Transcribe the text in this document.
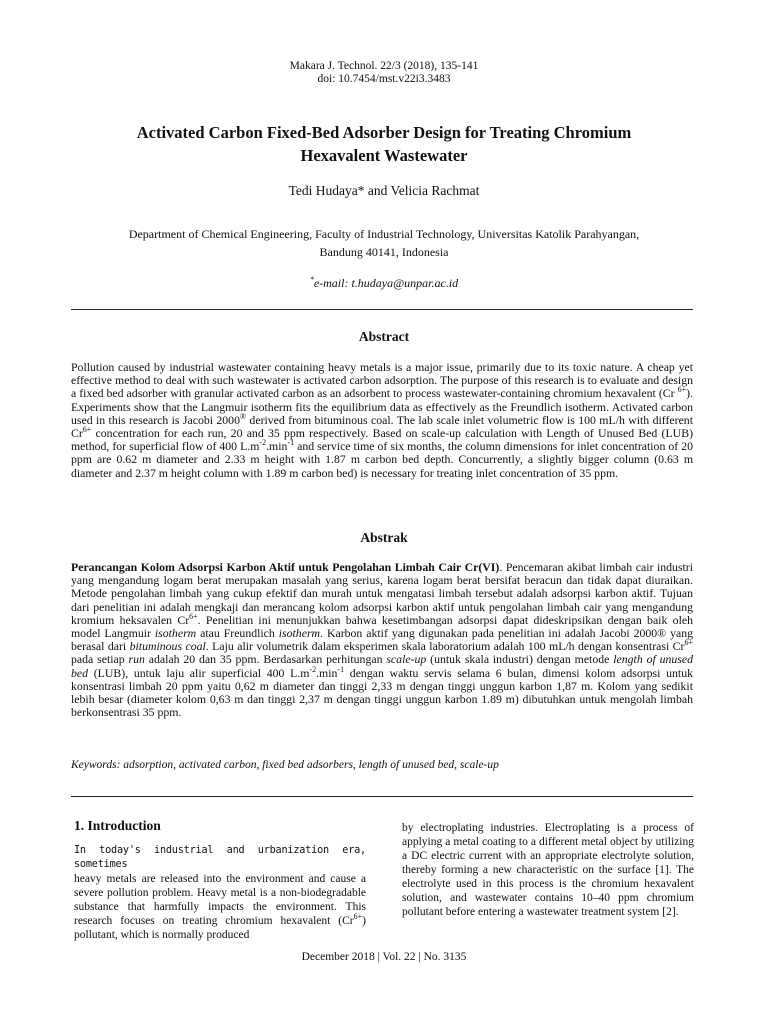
Makara J. Technol. 22/3 (2018), 135-141
doi: 10.7454/mst.v22i3.3483
Activated Carbon Fixed-Bed Adsorber Design for Treating Chromium
Hexavalent Wastewater
Tedi Hudaya* and Velicia Rachmat
Department of Chemical Engineering, Faculty of Industrial Technology, Universitas Katolik Parahyangan,
Bandung 40141, Indonesia
*e-mail: t.hudaya@unpar.ac.id
Abstract
Pollution caused by industrial wastewater containing heavy metals is a major issue, primarily due to its toxic nature. A cheap yet effective method to deal with such wastewater is activated carbon adsorption. The purpose of this research is to evaluate and design a fixed bed adsorber with granular activated carbon as an adsorbent to process wastewater-containing chromium hexavalent (Cr $^{6+}$). Experiments show that the Langmuir isotherm fits the equilibrium data as effectively as the Freundlich isotherm. Activated carbon used in this research is Jacobi 2000® derived from bituminous coal. The lab scale inlet volumetric flow is 100 mL/h with different $Cr^{6+}$ concentration for each run, 20 and 35 ppm respectively. Based on scale-up calculation with Length of Unused Bed (LUB) method, for superficial flow of 400 $L.m^{-2}.\min^{-1}$ and service time of six months, the column dimensions for inlet concentration of 20 ppm are 0.62 m diameter and 2.33 m height with 1.87 m carbon bed depth. Concurrently, a slightly bigger column (0.63 m diameter and 2.37 m height column with 1.89 m carbon bed) is necessary for treating inlet concentration of 35 ppm.
Abstrak
Perancangan Kolom Adsorpsi Karbon Aktif untuk Pengolahan Limbah Cair Cr(VI). Pencemaran akibat limbah cair industri yang mengandung logam berat merupakan masalah yang serius, karena logam berat bersifat beracun dan tidak dapat diuraikan. Metode pengolahan limbah yang cukup efektif dan murah untuk mengatasi limbah tersebut adalah adsorpsi karbon aktif. Tujuan dari penelitian ini adalah mengkaji dan merancang kolom adsorpsi karbon aktif untuk pengolahan limbah cair yang mengandung kromium heksavalen $Cr^{6+}$. Penelitian ini menunjukkan bahwa kesetimbangan adsorpsi dapat dideskripsikan dengan baik oleh model Langmuir isotherm atau Freundlich isotherm. Karbon aktif yang digunakan pada penelitian ini adalah Jacobi 2000® yang berasal dari bituminous coal. Laju alir volumetrik dalam eksperimen skala laboratorium adalah 100 mL/h dengan konsentrasi $Cr^{6+}$ pada setiap run adalah 20 dan 35 ppm. Berdasarkan perhitungan scale-up (untuk skala industri) dengan metode length of unused bed (LUB), untuk laju alir superficial 400 $L.m^{-2}.\min^{-1}$ dengan waktu servis selama 6 bulan, dimensi kolom adsorpsi untuk konsentrasi limbah 20 ppm yaitu 0,62 m diameter dan tinggi 2,33 m dengan tinggi unggun karbon 1,87 m. Kolom yang sedikit lebih besar (diameter kolom 0,63 m dan tinggi 2,37 m dengan tinggi unggun karbon 1.89 m) dibutuhkan untuk mengolah limbah berkonsentrasi 35 ppm.
Keywords: adsorption, activated carbon, fixed bed adsorbers, length of unused bed, scale-up
1. Introduction
In today's industrial and urbanization era, sometimes
heavy metals are released into the environment and cause a severe pollution problem. Heavy metal is a non-biodegradable substance that harmfully impacts the environment. This research focuses on treating chromium hexavalent $(Cr^{6+})$ pollutant, which is normally produced
by electroplating industries. Electroplating is a process of applying a metal coating to a different metal object by utilizing a DC electric current with an appropriate electrolyte solution, thereby forming a new characteristic on the surface [1]. The electrolyte used in this process is the chromium hexavalent solution, and wastewater contains 10–40 ppm chromium pollutant before entering a wastewater treatment system [2].
December 2018 | Vol. 22 | No. 3135
